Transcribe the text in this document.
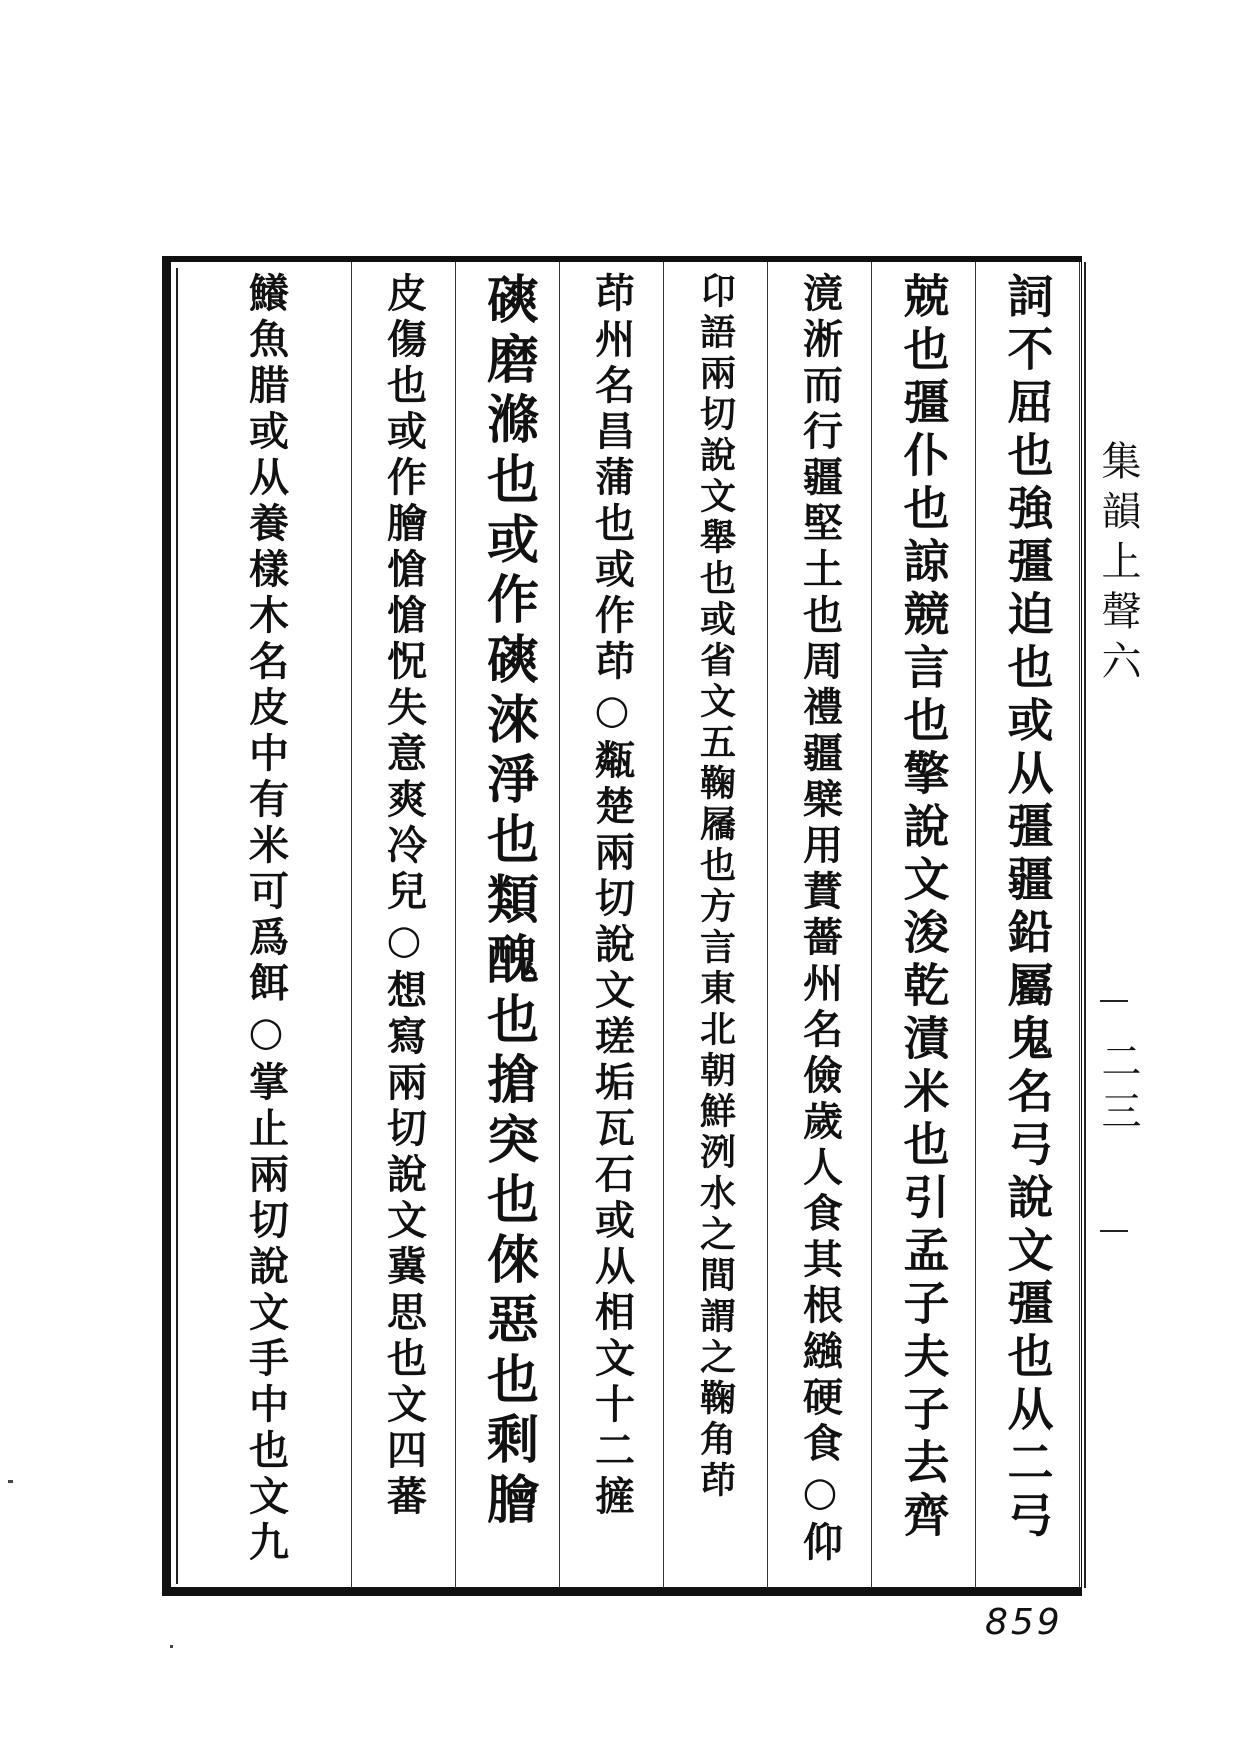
詞不屈也強彊迫也或从彊疆鉛屬鬼名弓說文彊也从二弓
兢也彊仆也諒競言也擎說文浚乾漬米也引孟子夫子去齊
滰淅而行疆堅土也周禮疆檗用蕡薔州名儉歲人食其根繈硬食○仰
卬語兩切說文舉也或省文五鞠屩也方言東北朝鮮洌水之間謂之鞠角茚
茚州名昌蒲也或作茚○甐楚兩切說文瑳垢瓦石或从相文十二摌
磢磨滌也或作磢淶淨也類醜也搶突也倈惡也剩膾
皮傷也或作膾愴愴怳失意爽冷兒○想寫兩切說文冀思也文四蕃
鱶魚腊或从養樣木名皮中有米可爲餌○掌止兩切說文手中也文九	集韻上聲六
二三
859
